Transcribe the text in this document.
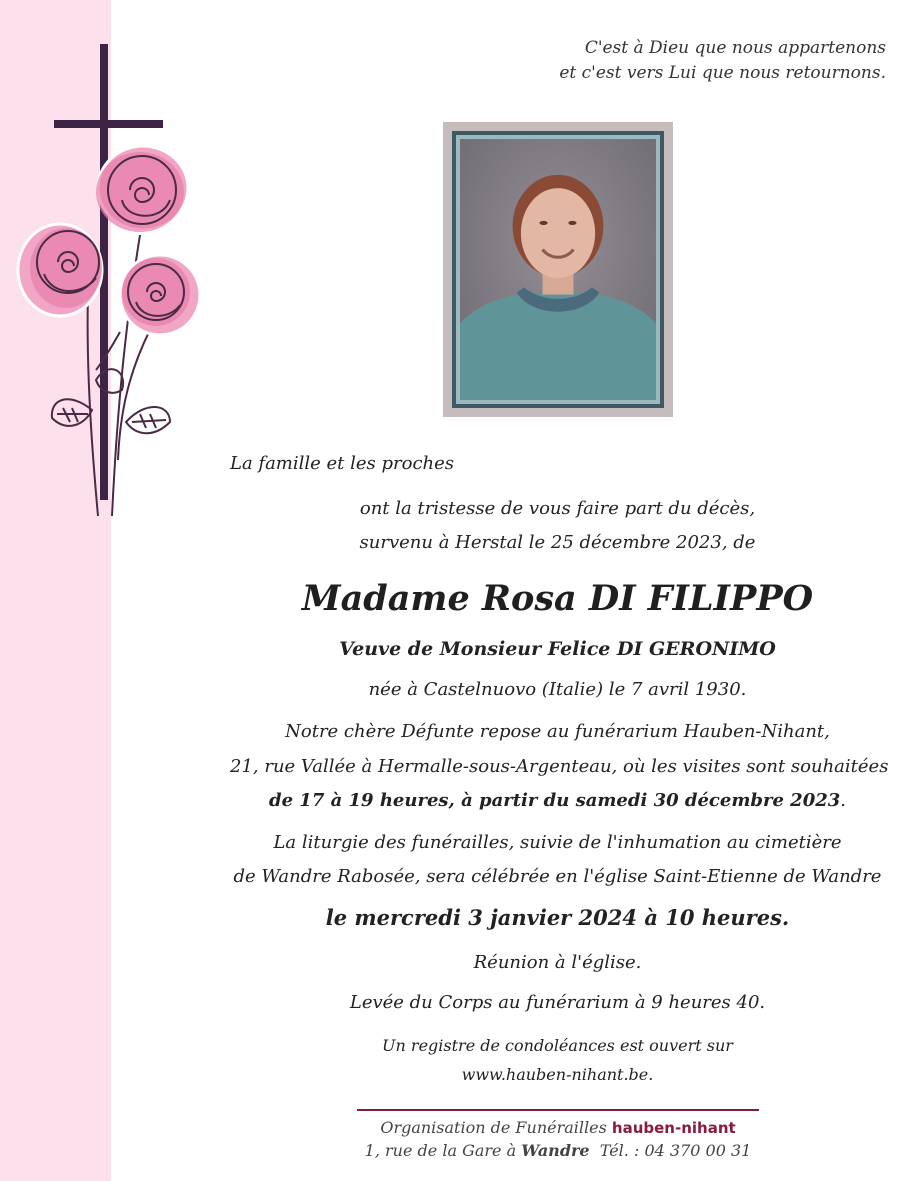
C'est à Dieu que nous appartenons
et c'est vers Lui que nous retournons.
La famille et les proches
ont la tristesse de vous faire part du décès,
survenu à Herstal le 25 décembre 2023, de
Madame Rosa DI FILIPPO
Veuve de Monsieur Felice DI GERONIMO
née à Castelnuovo (Italie) le 7 avril 1930.
Notre chère Défunte repose au funérarium Hauben-Nihant,
21, rue Vallée à Hermalle-sous-Argenteau, où les visites sont souhaitées
de 17 à 19 heures, à partir du samedi 30 décembre 2023.
La liturgie des funérailles, suivie de l'inhumation au cimetière
de Wandre Rabosée, sera célébrée en l'église Saint-Etienne de Wandre
le mercredi 3 janvier 2024 à 10 heures.
Réunion à l'église.
Levée du Corps au funérarium à 9 heures 40.
Un registre de condoléances est ouvert sur
www.hauben-nihant.be.
Organisation de Funérailles hauben-nihant
1, rue de la Gare à Wandre Tél. : 04 370 00 31
